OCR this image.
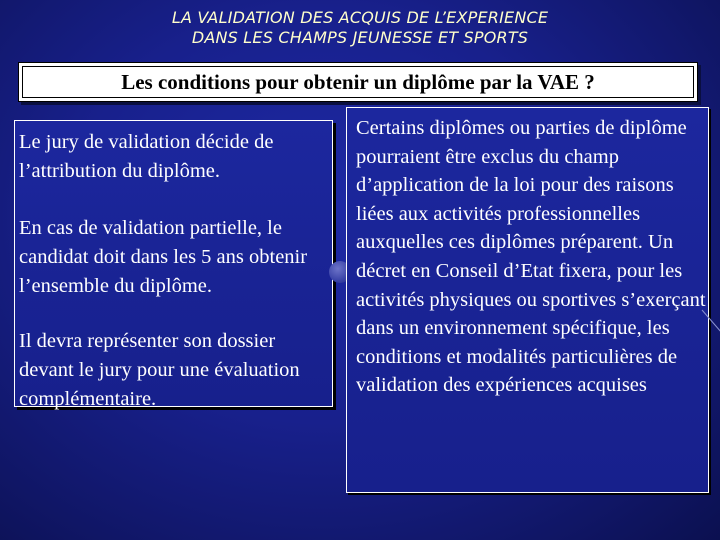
LA VALIDATION DES ACQUIS DE L’EXPERIENCE
DANS LES CHAMPS JEUNESSE ET SPORTS
Les conditions pour obtenir un diplôme par la VAE ?

Le jury de validation décide de l’attribution du diplôme.

En cas de validation partielle, le candidat doit dans les 5 ans obtenir l’ensemble du diplôme.

Il devra représenter son dossier devant le jury pour une évaluation complémentaire.

Certains diplômes ou parties de diplôme pourraient être exclus du champ d’application de la loi pour des raisons liées aux activités professionnelles auxquelles ces diplômes préparent. Un décret en Conseil d’Etat fixera, pour les activités physiques ou sportives s’exerçant dans un environnement spécifique, les conditions et modalités particulières de validation des expériences acquises
